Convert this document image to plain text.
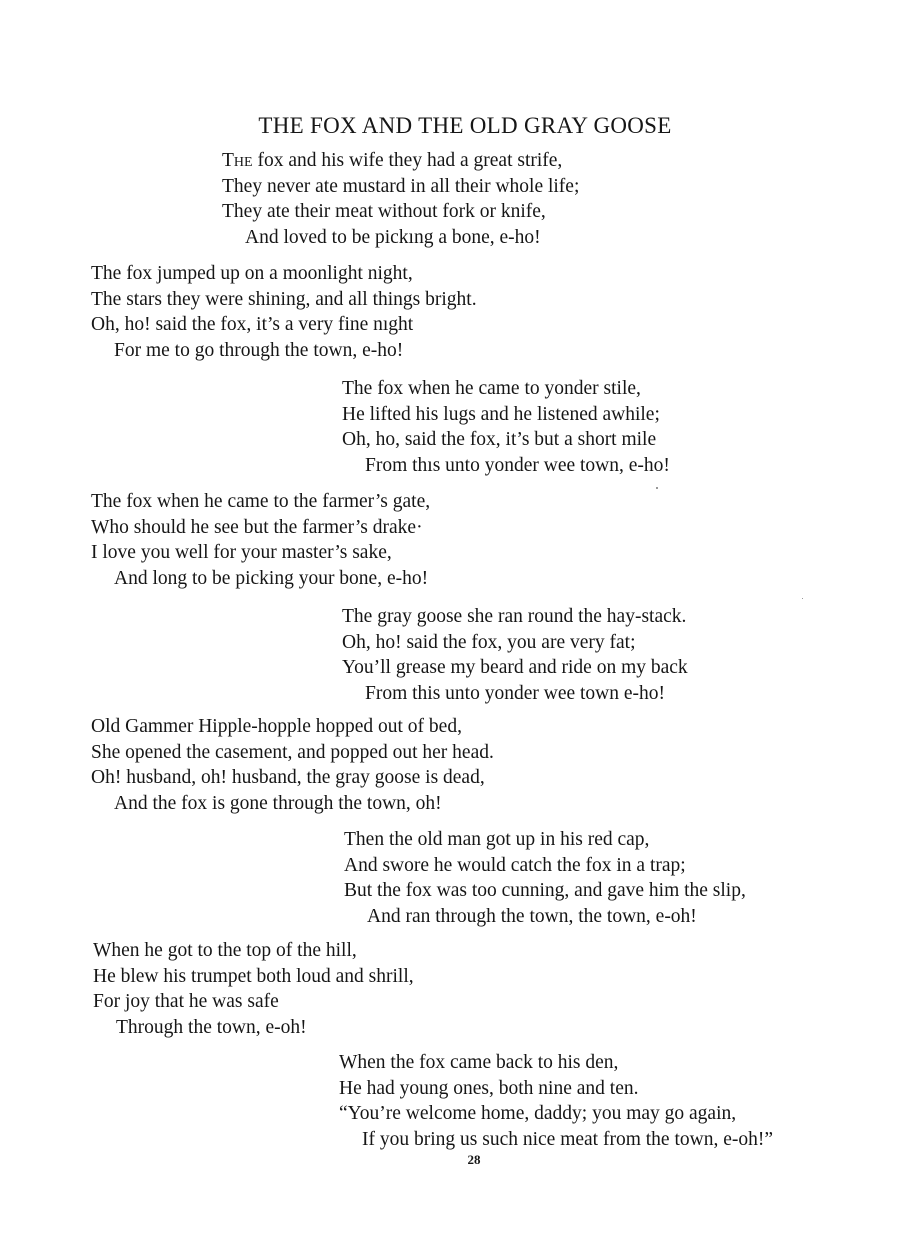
THE FOX AND THE OLD GRAY GOOSE
The fox and his wife they had a great strife,
They never ate mustard in all their whole life;
They ate their meat without fork or knife,
And loved to be pickıng a bone, e-ho!
The fox jumped up on a moonlight night,
The stars they were shining, and all things bright.
Oh, ho! said the fox, it’s a very fine nıght
For me to go through the town, e-ho!
The fox when he came to yonder stile,
He lifted his lugs and he listened awhile;
Oh, ho, said the fox, it’s but a short mile
From thıs unto yonder wee town, e-ho!
The fox when he came to the farmer’s gate,
Who should he see but the farmer’s drake·
I love you well for your master’s sake,
And long to be picking your bone, e-ho!
The gray goose she ran round the hay-stack.
Oh, ho! said the fox, you are very fat;
You’ll grease my beard and ride on my back
From this unto yonder wee town e-ho!
Old Gammer Hipple-hopple hopped out of bed,
She opened the casement, and popped out her head.
Oh! husband, oh! husband, the gray goose is dead,
And the fox is gone through the town, oh!
Then the old man got up in his red cap,
And swore he would catch the fox in a trap;
But the fox was too cunning, and gave him the slip,
And ran through the town, the town, e-oh!
When he got to the top of the hill,
He blew his trumpet both loud and shrill,
For joy that he was safe
Through the town, e-oh!
When the fox came back to his den,
He had young ones, both nine and ten.
“You’re welcome home, daddy; you may go again,
If you bring us such nice meat from the town, e-oh!”
28
